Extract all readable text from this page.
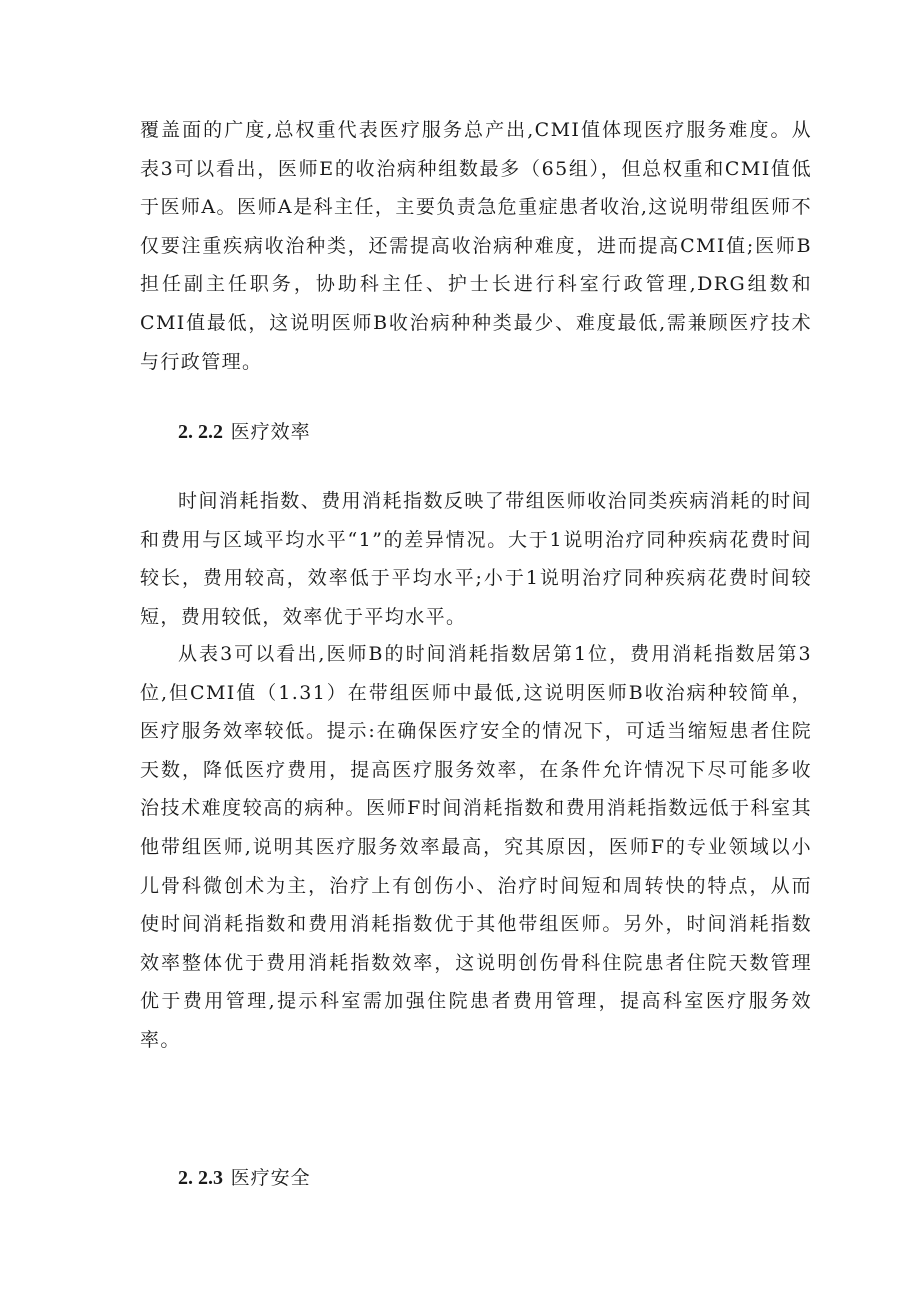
覆盖面的广度,总权重代表医疗服务总产出,CMI值体现医疗服务难度。从表3可以看出，医师E的收治病种组数最多（65组），但总权重和CMI值低于医师A。医师A是科主任，主要负责急危重症患者收治,这说明带组医师不仅要注重疾病收治种类，还需提高收治病种难度，进而提高CMI值;医师B担任副主任职务，协助科主任、护士长进行科室行政管理,DRG组数和CMI值最低，这说明医师B收治病种种类最少、难度最低,需兼顾医疗技术与行政管理。

2. 2.2 医疗效率

时间消耗指数、费用消耗指数反映了带组医师收治同类疾病消耗的时间和费用与区域平均水平“1”的差异情况。大于1说明治疗同种疾病花费时间较长，费用较高，效率低于平均水平;小于1说明治疗同种疾病花费时间较短，费用较低，效率优于平均水平。

从表3可以看出,医师B的时间消耗指数居第1位，费用消耗指数居第3位,但CMI值（1.31）在带组医师中最低,这说明医师B收治病种较简单，医疗服务效率较低。提示:在确保医疗安全的情况下，可适当缩短患者住院天数，降低医疗费用，提高医疗服务效率，在条件允许情况下尽可能多收治技术难度较高的病种。医师F时间消耗指数和费用消耗指数远低于科室其他带组医师,说明其医疗服务效率最高，究其原因，医师F的专业领域以小儿骨科微创术为主，治疗上有创伤小、治疗时间短和周转快的特点，从而使时间消耗指数和费用消耗指数优于其他带组医师。另外，时间消耗指数效率整体优于费用消耗指数效率，这说明创伤骨科住院患者住院天数管理优于费用管理,提示科室需加强住院患者费用管理，提高科室医疗服务效率。

2. 2.3 医疗安全
